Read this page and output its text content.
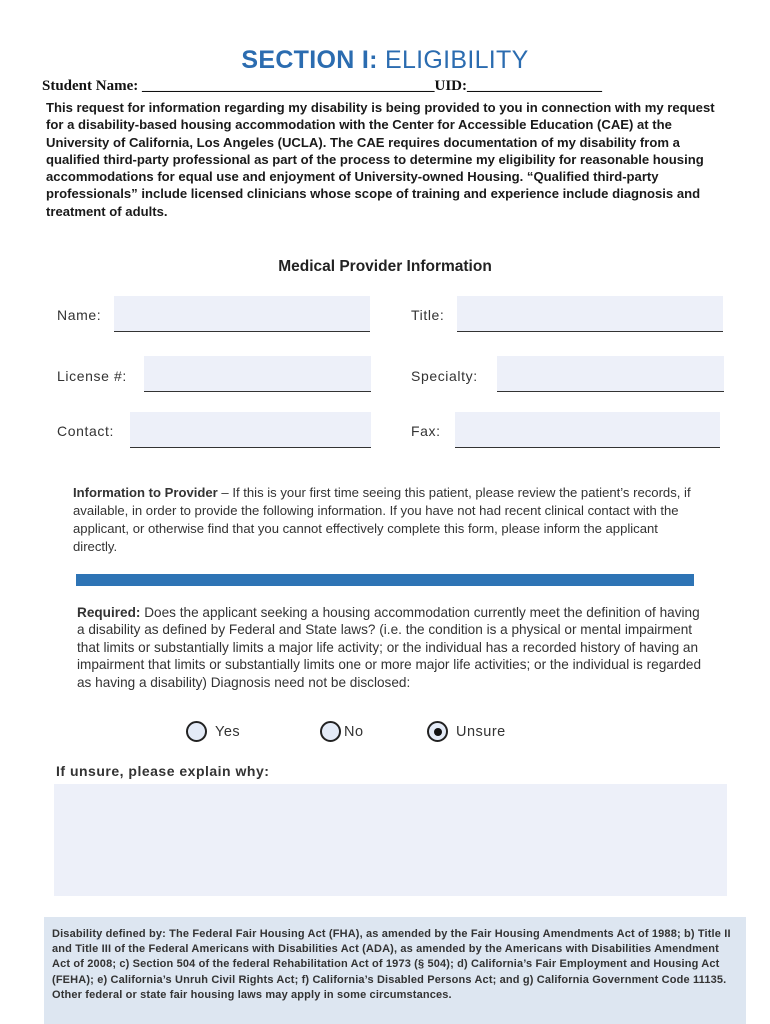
SECTION I: ELIGIBILITY
Student Name: _______________________________________UID:__________________
This request for information regarding my disability is being provided to you in connection with my request for a disability-based housing accommodation with the Center for Accessible Education (CAE) at the University of California, Los Angeles (UCLA). The CAE requires documentation of my disability from a qualified third-party professional as part of the process to determine my eligibility for reasonable housing accommodations for equal use and enjoyment of University-owned Housing. “Qualified third-party professionals” include licensed clinicians whose scope of training and experience include diagnosis and treatment of adults.
Medical Provider Information
Name:	Title:
License #:	Specialty:
Contact:	Fax:
Information to Provider – If this is your first time seeing this patient, please review the patient’s records, if available, in order to provide the following information. If you have not had recent clinical contact with the applicant, or otherwise find that you cannot effectively complete this form, please inform the applicant directly.
Required: Does the applicant seeking a housing accommodation currently meet the definition of having a disability as defined by Federal and State laws? (i.e. the condition is a physical or mental impairment that limits or substantially limits a major life activity; or the individual has a recorded history of having an impairment that limits or substantially limits one or more major life activities; or the individual is regarded as having a disability) Diagnosis need not be disclosed:
Yes	No	Unsure
If unsure, please explain why:
Disability defined by: The Federal Fair Housing Act (FHA), as amended by the Fair Housing Amendments Act of 1988; b) Title II and Title III of the Federal Americans with Disabilities Act (ADA), as amended by the Americans with Disabilities Amendment Act of 2008; c) Section 504 of the federal Rehabilitation Act of 1973 (§ 504); d) California’s Fair Employment and Housing Act (FEHA); e) California’s Unruh Civil Rights Act; f) California’s Disabled Persons Act; and g) California Government Code 11135. Other federal or state fair housing laws may apply in some circumstances.
